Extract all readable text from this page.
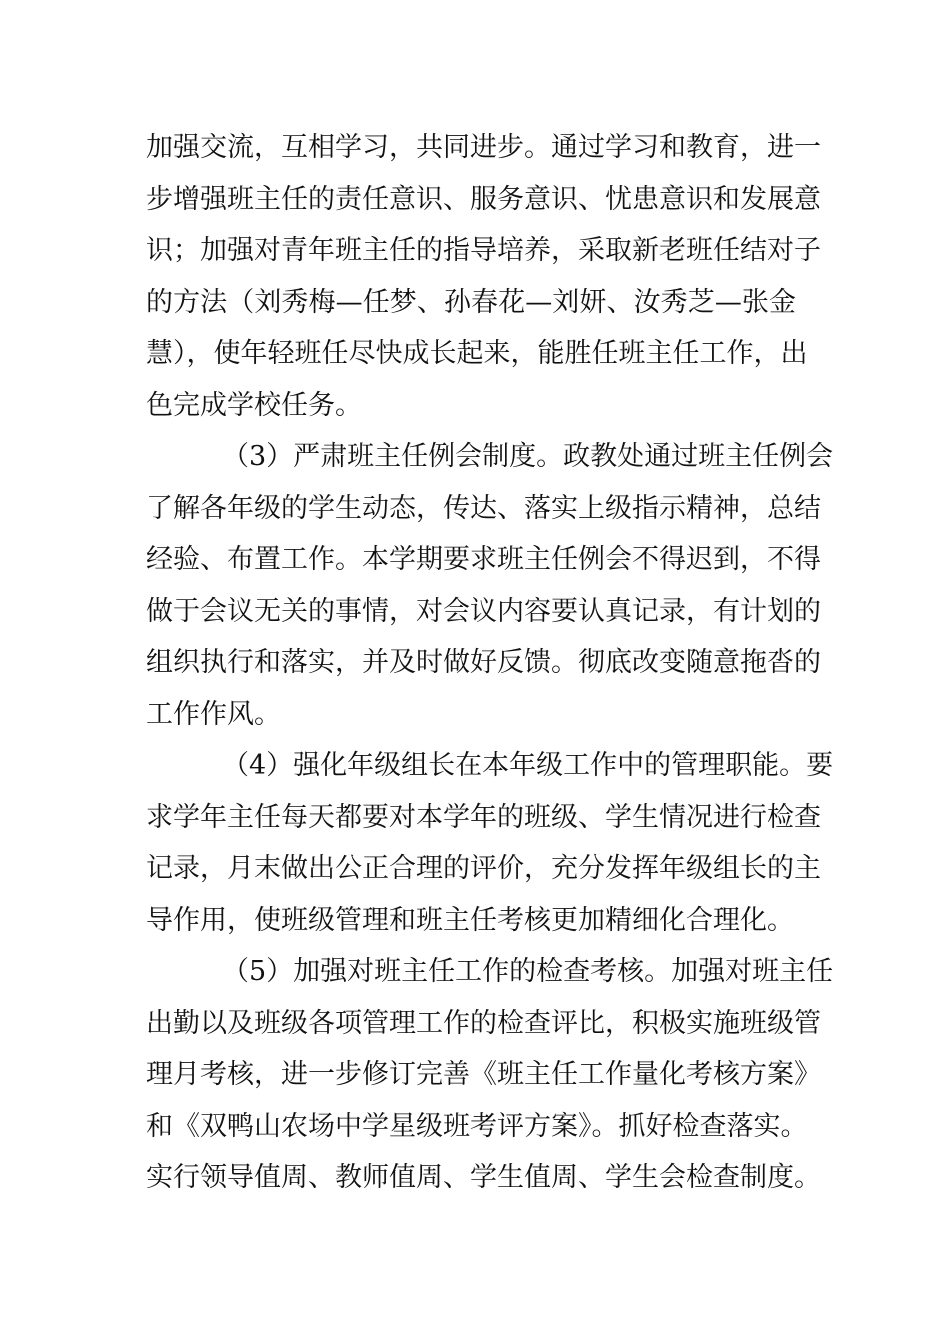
加强交流，互相学习，共同进步。通过学习和教育，进一
步增强班主任的责任意识、服务意识、忧患意识和发展意
识；加强对青年班主任的指导培养，采取新老班任结对子
的方法（刘秀梅—任梦、孙春花—刘妍、汝秀芝—张金
慧），使年轻班任尽快成长起来，能胜任班主任工作，出
色完成学校任务。
（3）严肃班主任例会制度。政教处通过班主任例会
了解各年级的学生动态，传达、落实上级指示精神，总结
经验、布置工作。本学期要求班主任例会不得迟到，不得
做于会议无关的事情，对会议内容要认真记录，有计划的
组织执行和落实，并及时做好反馈。彻底改变随意拖沓的
工作作风。
（4）强化年级组长在本年级工作中的管理职能。要
求学年主任每天都要对本学年的班级、学生情况进行检查
记录，月末做出公正合理的评价，充分发挥年级组长的主
导作用，使班级管理和班主任考核更加精细化合理化。
（5）加强对班主任工作的检查考核。加强对班主任
出勤以及班级各项管理工作的检查评比，积极实施班级管
理月考核，进一步修订完善《班主任工作量化考核方案》
和《双鸭山农场中学星级班考评方案》。抓好检查落实。
实行领导值周、教师值周、学生值周、学生会检查制度。
